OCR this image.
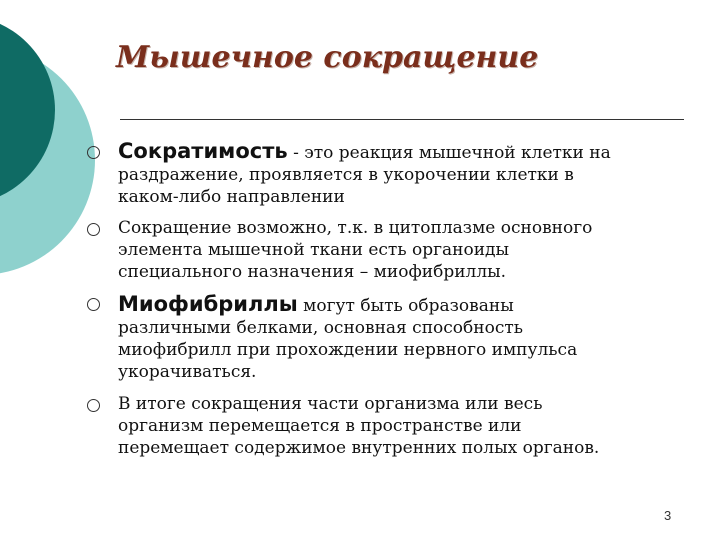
Мышечное сокращение

Сократимость - это реакция мышечной клетки на
раздражение, проявляется в укорочении клетки в
каком-либо направлении

Сокращение возможно, т.к. в цитоплазме основного
элемента мышечной ткани есть органоиды
специального назначения – миофибриллы.

Миофибриллы могут быть образованы
различными белками, основная способность
миофибрилл при прохождении нервного импульса
укорачиваться.

В итоге сокращения части организма или весь
организм перемещается в пространстве или
перемещает содержимое внутренних полых органов.

3
